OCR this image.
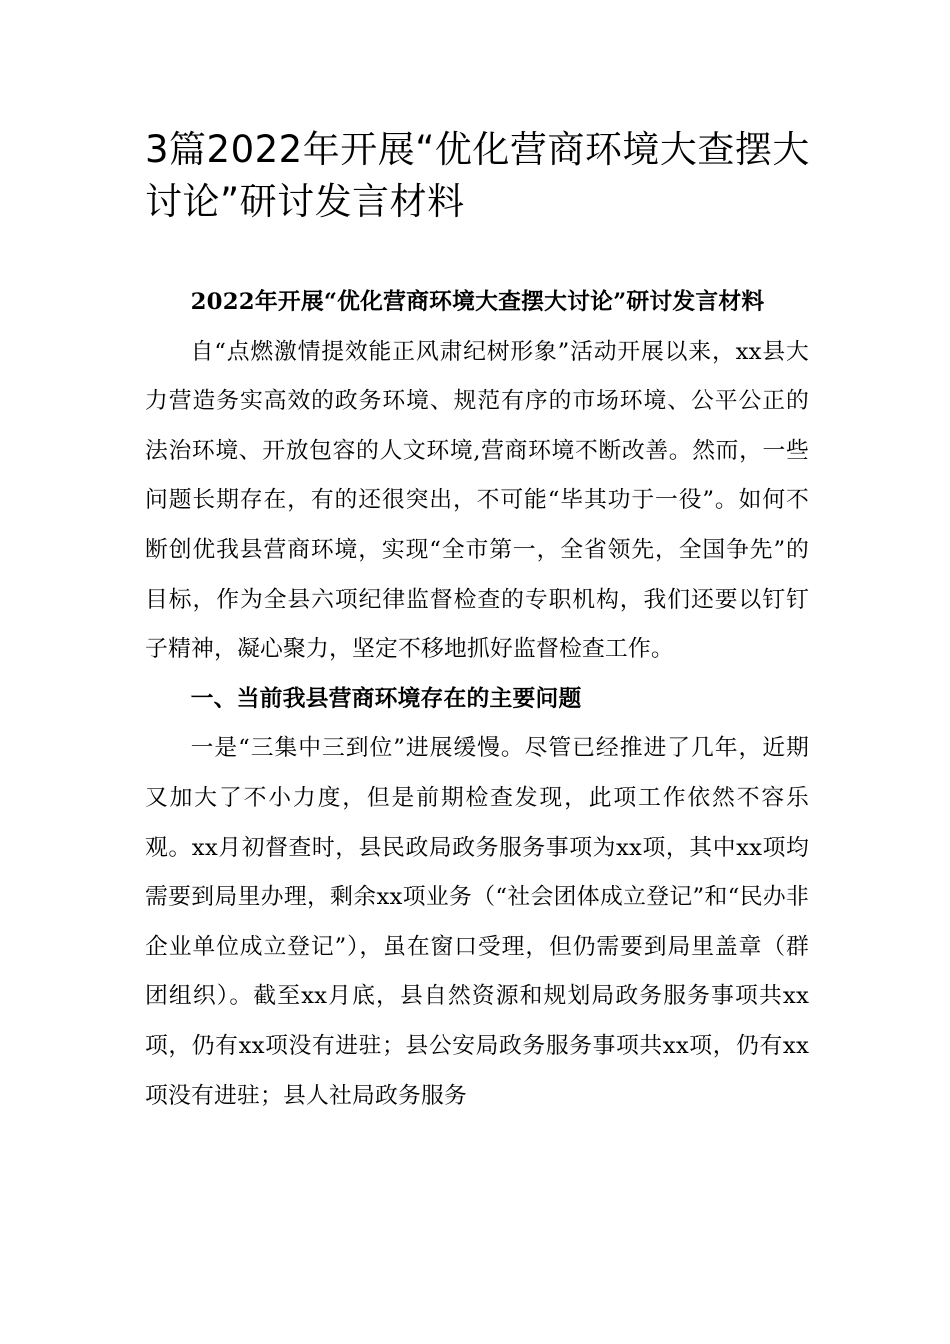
3篇2022年开展“优化营商环境大查摆大讨论”研讨发言材料

2022年开展“优化营商环境大查摆大讨论”研讨发言材料

自“点燃激情提效能正风肃纪树形象”活动开展以来，xx县大力营造务实高效的政务环境、规范有序的市场环境、公平公正的法治环境、开放包容的人文环境,营商环境不断改善。然而，一些问题长期存在，有的还很突出，不可能“毕其功于一役”。如何不断创优我县营商环境，实现“全市第一，全省领先，全国争先”的目标，作为全县六项纪律监督检查的专职机构，我们还要以钉钉子精神，凝心聚力，坚定不移地抓好监督检查工作。

一、当前我县营商环境存在的主要问题

一是“三集中三到位”进展缓慢。尽管已经推进了几年，近期又加大了不小力度，但是前期检查发现，此项工作依然不容乐观。xx月初督查时，县民政局政务服务事项为xx项，其中xx项均需要到局里办理，剩余xx项业务（“社会团体成立登记”和“民办非企业单位成立登记”），虽在窗口受理，但仍需要到局里盖章（群团组织）。截至xx月底，县自然资源和规划局政务服务事项共xx项，仍有xx项没有进驻；县公安局政务服务事项共xx项，仍有xx项没有进驻；县人社局政务服务
